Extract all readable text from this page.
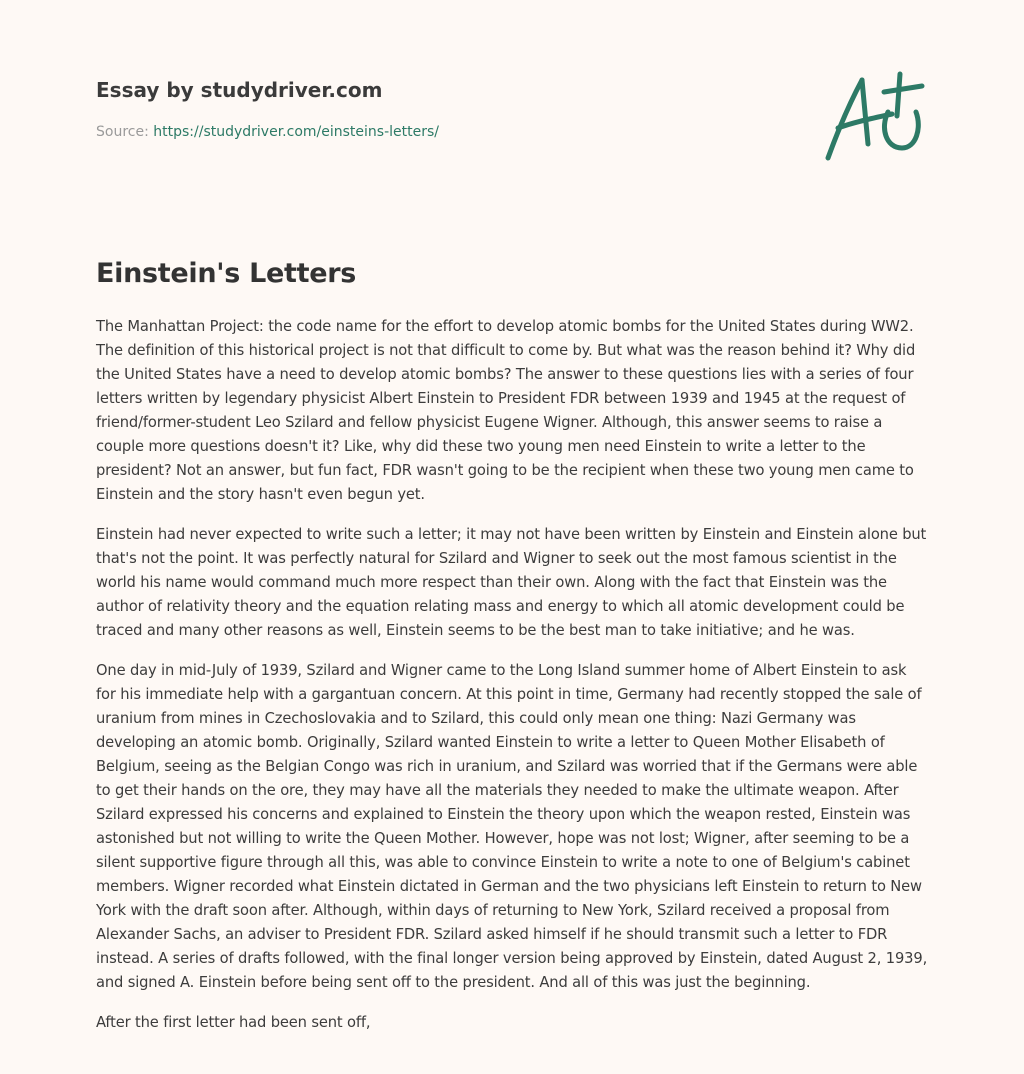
Essay by studydriver.com
Source: https://studydriver.com/einsteins-letters/
Einstein's Letters

The Manhattan Project: the code name for the effort to develop atomic bombs for the United States during WW2. The definition of this historical project is not that difficult to come by. But what was the reason behind it? Why did the United States have a need to develop atomic bombs? The answer to these questions lies with a series of four letters written by legendary physicist Albert Einstein to President FDR between 1939 and 1945 at the request of friend/former-student Leo Szilard and fellow physicist Eugene Wigner. Although, this answer seems to raise a couple more questions doesn't it? Like, why did these two young men need Einstein to write a letter to the president? Not an answer, but fun fact, FDR wasn't going to be the recipient when these two young men came to Einstein and the story hasn't even begun yet.

Einstein had never expected to write such a letter; it may not have been written by Einstein and Einstein alone but that's not the point. It was perfectly natural for Szilard and Wigner to seek out the most famous scientist in the world his name would command much more respect than their own. Along with the fact that Einstein was the author of relativity theory and the equation relating mass and energy to which all atomic development could be traced and many other reasons as well, Einstein seems to be the best man to take initiative; and he was.

One day in mid-July of 1939, Szilard and Wigner came to the Long Island summer home of Albert Einstein to ask for his immediate help with a gargantuan concern. At this point in time, Germany had recently stopped the sale of uranium from mines in Czechoslovakia and to Szilard, this could only mean one thing: Nazi Germany was developing an atomic bomb. Originally, Szilard wanted Einstein to write a letter to Queen Mother Elisabeth of Belgium, seeing as the Belgian Congo was rich in uranium, and Szilard was worried that if the Germans were able to get their hands on the ore, they may have all the materials they needed to make the ultimate weapon. After Szilard expressed his concerns and explained to Einstein the theory upon which the weapon rested, Einstein was astonished but not willing to write the Queen Mother. However, hope was not lost; Wigner, after seeming to be a silent supportive figure through all this, was able to convince Einstein to write a note to one of Belgium's cabinet members. Wigner recorded what Einstein dictated in German and the two physicians left Einstein to return to New York with the draft soon after. Although, within days of returning to New York, Szilard received a proposal from Alexander Sachs, an adviser to President FDR. Szilard asked himself if he should transmit such a letter to FDR instead. A series of drafts followed, with the final longer version being approved by Einstein, dated August 2, 1939, and signed A. Einstein before being sent off to the president. And all of this was just the beginning.

After the first letter had been sent off,
